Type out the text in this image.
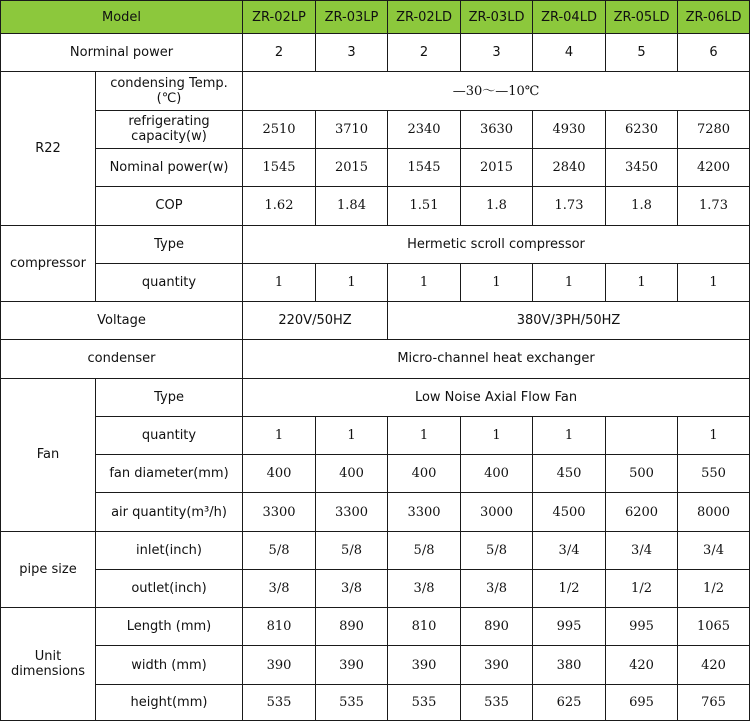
Model		ZR-02LP	ZR-03LP	ZR-02LD	ZR-03LD	ZR-04LD	ZR-05LD	ZR-06LD
Norminal power		2	3	2	3	4	5	6
R22	condensing Temp.(℃)	—30～—10℃						
	refrigerating capacity(w)	2510	3710	2340	3630	4930	6230	7280
	Nominal power(w)	1545	2015	1545	2015	2840	3450	4200
	COP	1.62	1.84	1.51	1.8	1.73	1.8	1.73
compressor	Type	Hermetic scroll compressor						
	quantity	1	1	1	1	1	1	1
Voltage		220V/50HZ		380V/3PH/50HZ				
condenser		Micro-channel heat exchanger						
Fan	Type	Low Noise Axial Flow Fan						
	quantity	1	1	1	1	1		1
	fan diameter(mm)	400	400	400	400	450	500	550
	air quantity(m³/h)	3300	3300	3300	3000	4500	6200	8000
pipe size	inlet(inch)	5/8	5/8	5/8	5/8	3/4	3/4	3/4
	outlet(inch)	3/8	3/8	3/8	3/8	1/2	1/2	1/2
Unit dimensions	Length (mm)	810	890	810	890	995	995	1065
	width (mm)	390	390	390	390	380	420	420
	height(mm)	535	535	535	535	625	695	765
